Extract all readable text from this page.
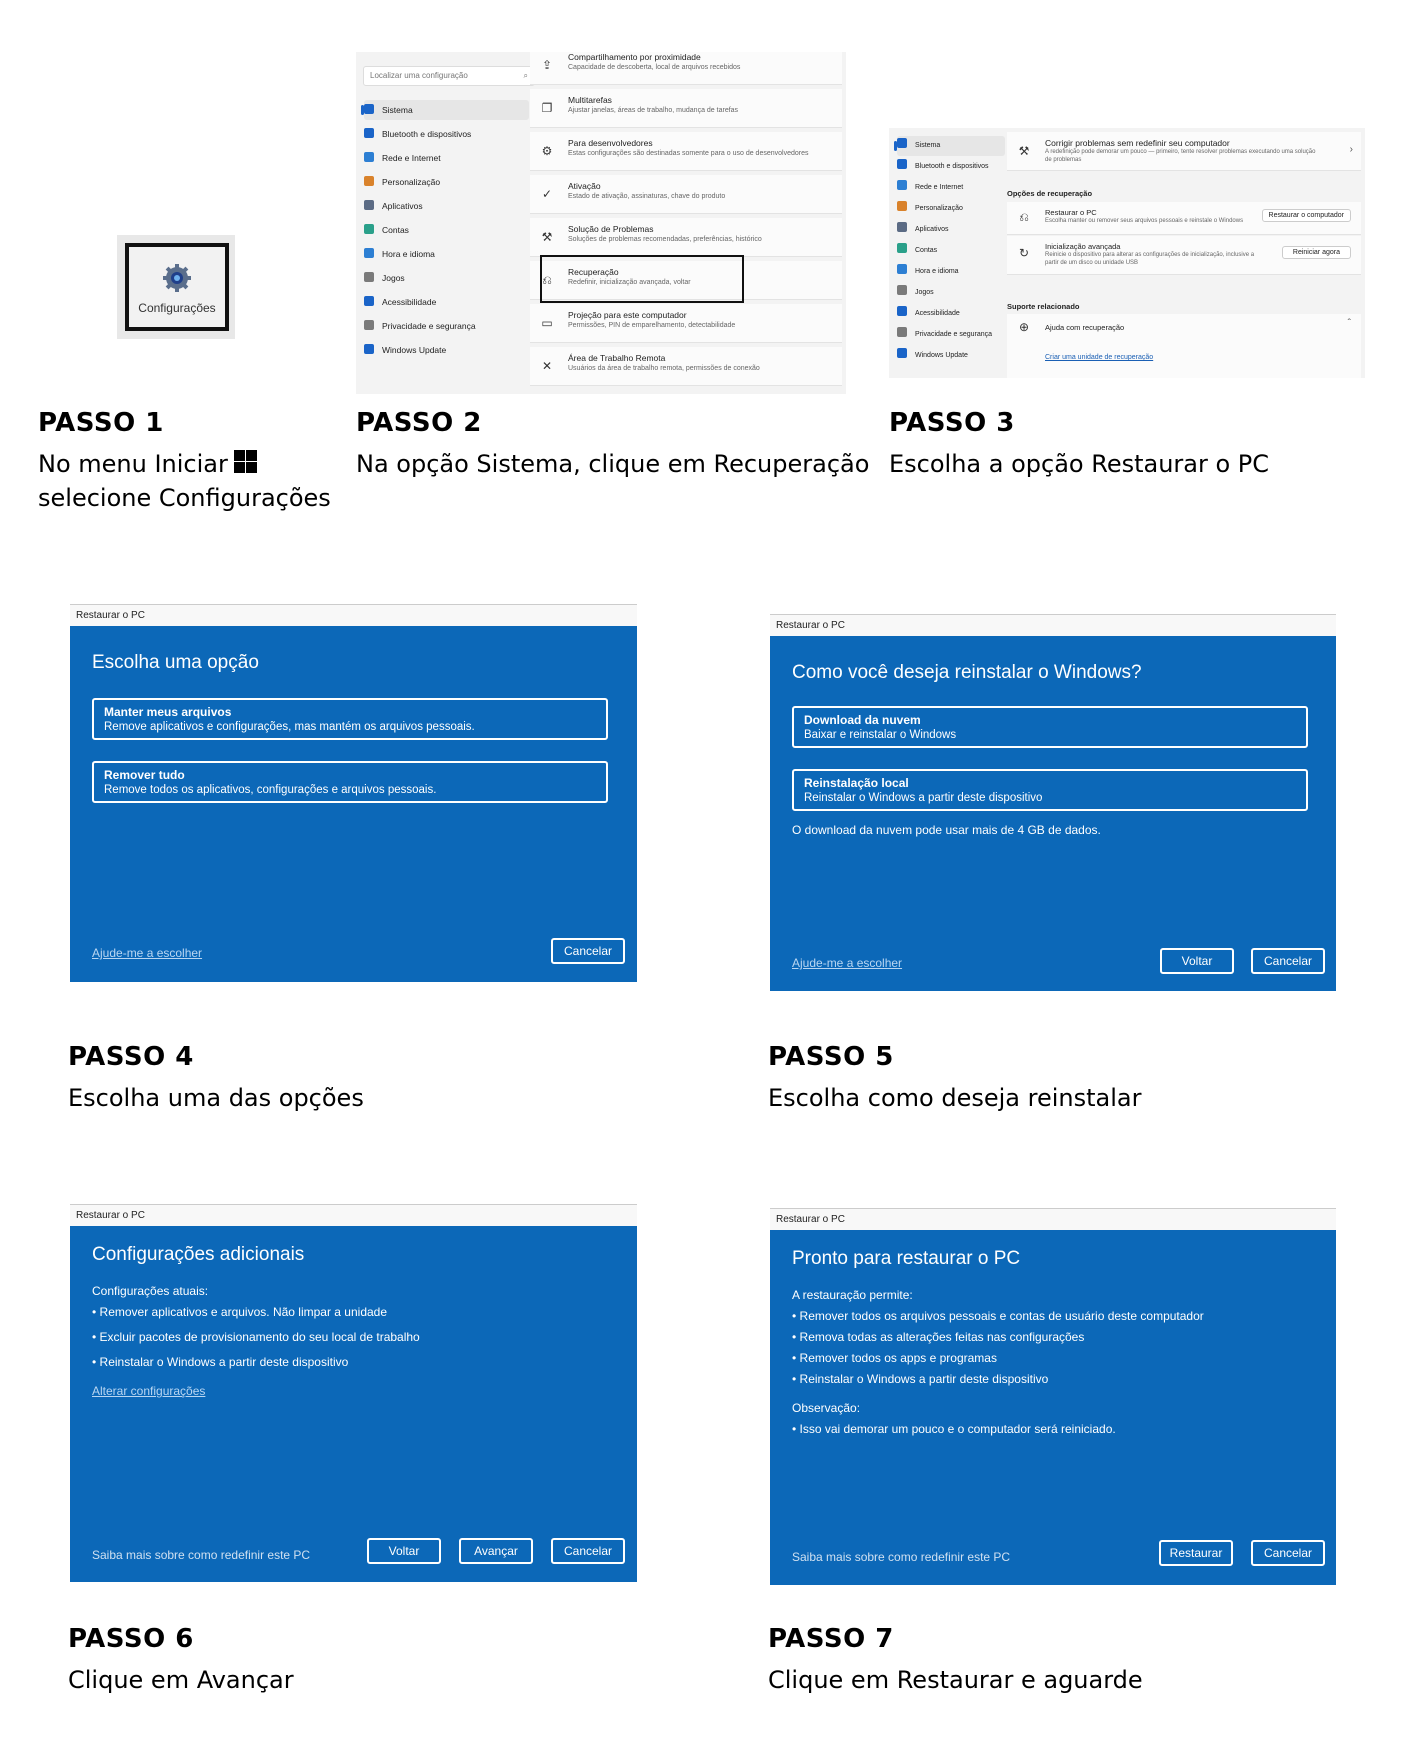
Configurações
PASSO 1
No menu Iniciar

selecione Configurações
Localizar uma configuração	⌕
Sistema
Bluetooth e dispositivos
Rede e Internet
Personalização
Aplicativos
Contas
Hora e idioma
Jogos
Acessibilidade
Privacidade e segurança
Windows Update
⇪
Compartilhamento por proximidade
Capacidade de descoberta, local de arquivos recebidos
❐
Multitarefas
Ajustar janelas, áreas de trabalho, mudança de tarefas
⚙
Para desenvolvedores
Estas configurações são destinadas somente para o uso de desenvolvedores
✓
Ativação
Estado de ativação, assinaturas, chave do produto
⚒
Solução de Problemas
Soluções de problemas recomendadas, preferências, histórico
⎌
Recuperação
Redefinir, inicialização avançada, voltar
▭
Projeção para este computador
Permissões, PIN de emparelhamento, detectabilidade
✕
Área de Trabalho Remota
Usuários da área de trabalho remota, permissões de conexão
PASSO 2
Na opção Sistema, clique em Recuperação
Sistema
Bluetooth e dispositivos
Rede e Internet
Personalização
Aplicativos
Contas
Hora e idioma
Jogos
Acessibilidade
Privacidade e segurança
Windows Update
⚒
Corrigir problemas sem redefinir seu computador
A redefinição pode demorar um pouco — primeiro, tente resolver problemas executando uma solução
de problemas
›
Opções de recuperação
⎌ Restaurar o PC
Escolha manter ou remover seus arquivos pessoais e reinstale o Windows
Restaurar o computador
↻ Inicialização avançada
Reinicie o dispositivo para alterar as configurações de inicialização, inclusive a
partir de um disco ou unidade USB
Reiniciar agora
Suporte relacionado
⊕ Ajuda com recuperação	ˆ
Criar uma unidade de recuperação
PASSO 3
Escolha a opção Restaurar o PC
Restaurar o PC
Escolha uma opção
Manter meus arquivos
Remove aplicativos e configurações, mas mantém os arquivos pessoais.
Remover tudo
Remove todos os aplicativos, configurações e arquivos pessoais.
Ajude-me a escolher	Cancelar
PASSO 4
Escolha uma das opções
Restaurar o PC
Como você deseja reinstalar o Windows?
Download da nuvem
Baixar e reinstalar o Windows
Reinstalação local
Reinstalar o Windows a partir deste dispositivo
O download da nuvem pode usar mais de 4 GB de dados.
Ajude-me a escolher	Voltar	Cancelar
PASSO 5
Escolha como deseja reinstalar
Restaurar o PC
Configurações adicionais
Configurações atuais:
• Remover aplicativos e arquivos. Não limpar a unidade
• Excluir pacotes de provisionamento do seu local de trabalho
• Reinstalar o Windows a partir deste dispositivo
Alterar configurações
Saiba mais sobre como redefinir este PC	Voltar	Avançar	Cancelar
PASSO 6
Clique em Avançar
Restaurar o PC
Pronto para restaurar o PC
A restauração permite:
• Remover todos os arquivos pessoais e contas de usuário deste computador
• Remova todas as alterações feitas nas configurações
• Remover todos os apps e programas
• Reinstalar o Windows a partir deste dispositivo
Observação:
• Isso vai demorar um pouco e o computador será reiniciado.
Saiba mais sobre como redefinir este PC	Restaurar	Cancelar
PASSO 7
Clique em Restaurar e aguarde
